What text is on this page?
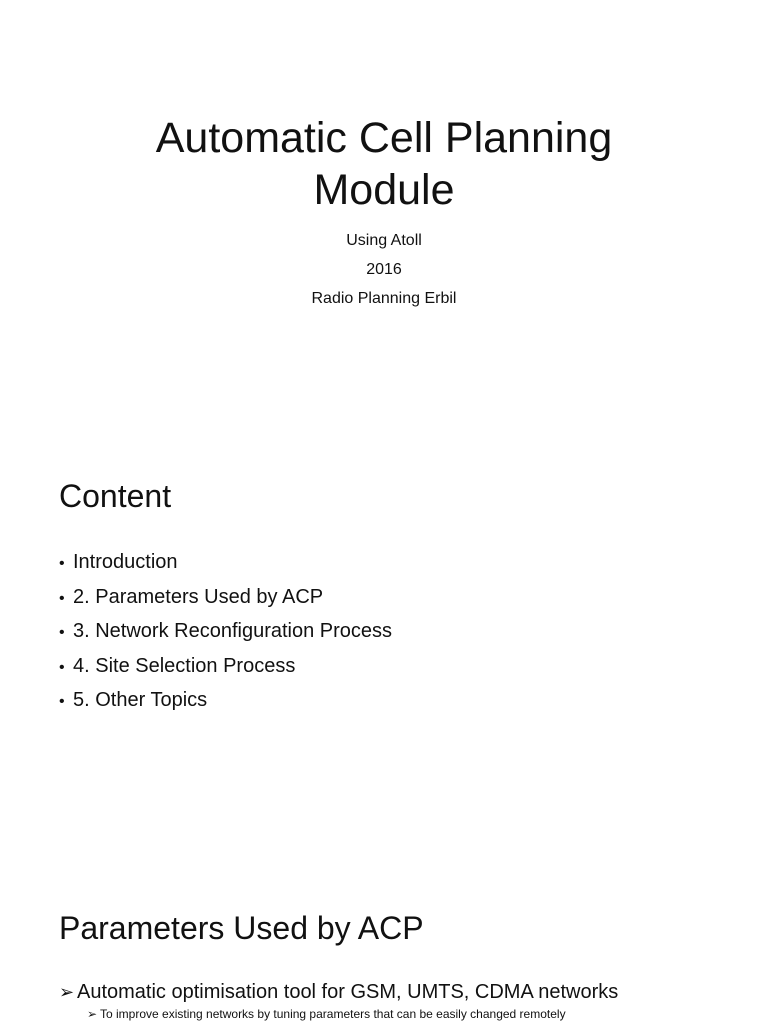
Automatic Cell Planning
Module
Using Atoll
2016
Radio Planning Erbil
Content
• Introduction
• 2. Parameters Used by ACP
• 3. Network Reconfiguration Process
• 4. Site Selection Process
• 5. Other Topics
Parameters Used by ACP
➢ Automatic optimisation tool for GSM, UMTS, CDMA networks
➢ To improve existing networks by tuning parameters that can be easily changed remotely
